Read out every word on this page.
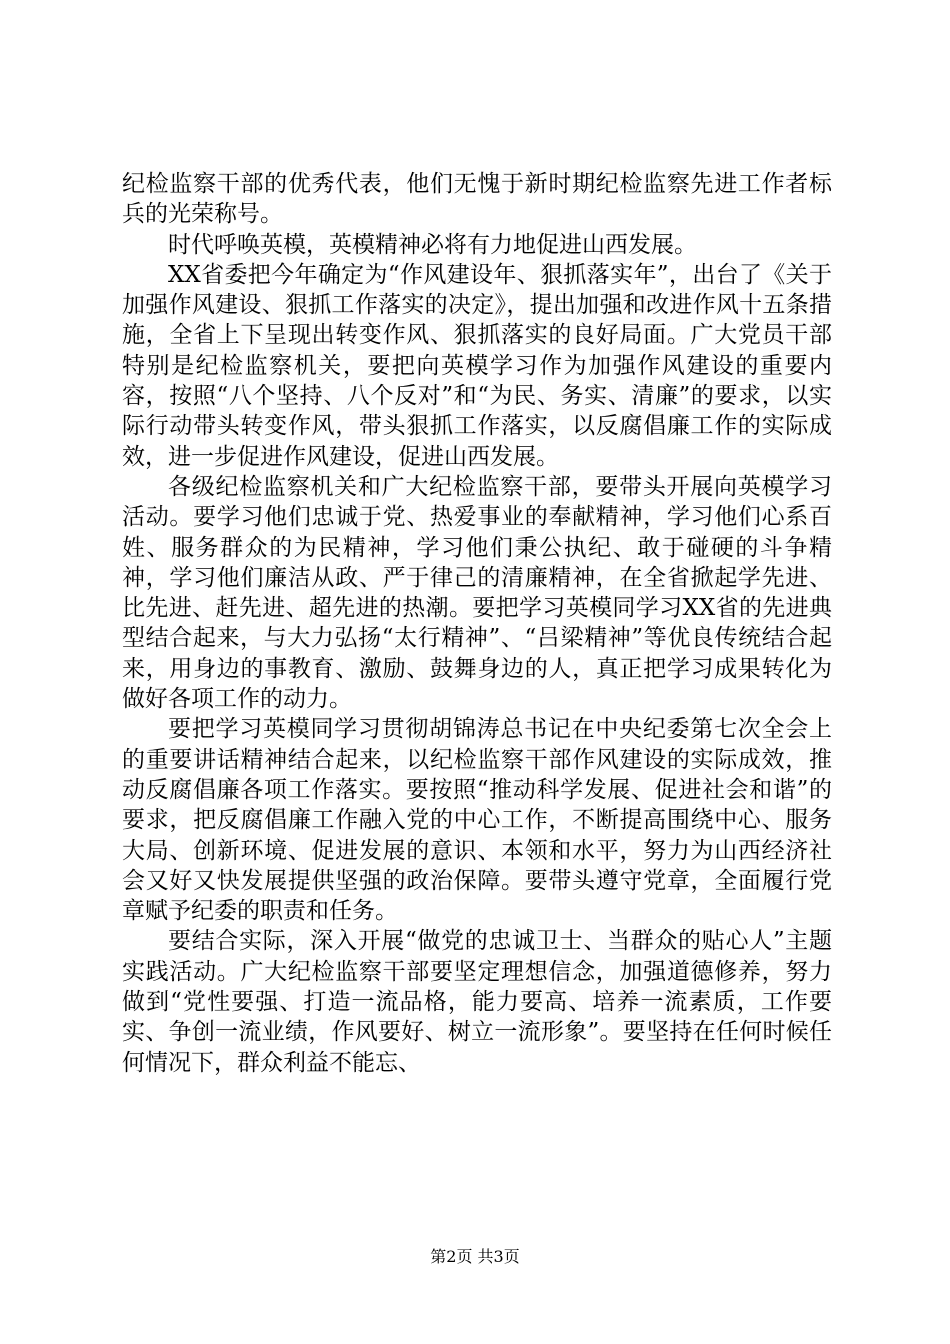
纪检监察干部的优秀代表，他们无愧于新时期纪检监察先进工作者标兵的光荣称号。

时代呼唤英模，英模精神必将有力地促进山西发展。

XX省委把今年确定为“作风建设年、狠抓落实年”，出台了《关于加强作风建设、狠抓工作落实的决定》，提出加强和改进作风十五条措施，全省上下呈现出转变作风、狠抓落实的良好局面。广大党员干部特别是纪检监察机关，要把向英模学习作为加强作风建设的重要内容，按照“八个坚持、八个反对”和“为民、务实、清廉”的要求，以实际行动带头转变作风，带头狠抓工作落实，以反腐倡廉工作的实际成效，进一步促进作风建设，促进山西发展。

各级纪检监察机关和广大纪检监察干部，要带头开展向英模学习活动。要学习他们忠诚于党、热爱事业的奉献精神，学习他们心系百姓、服务群众的为民精神，学习他们秉公执纪、敢于碰硬的斗争精神，学习他们廉洁从政、严于律己的清廉精神，在全省掀起学先进、比先进、赶先进、超先进的热潮。要把学习英模同学习XX省的先进典型结合起来，与大力弘扬“太行精神”、“吕梁精神”等优良传统结合起来，用身边的事教育、激励、鼓舞身边的人，真正把学习成果转化为做好各项工作的动力。

要把学习英模同学习贯彻胡锦涛总书记在中央纪委第七次全会上的重要讲话精神结合起来，以纪检监察干部作风建设的实际成效，推动反腐倡廉各项工作落实。要按照“推动科学发展、促进社会和谐”的要求，把反腐倡廉工作融入党的中心工作，不断提高围绕中心、服务大局、创新环境、促进发展的意识、本领和水平，努力为山西经济社会又好又快发展提供坚强的政治保障。要带头遵守党章，全面履行党章赋予纪委的职责和任务。

要结合实际，深入开展“做党的忠诚卫士、当群众的贴心人”主题实践活动。广大纪检监察干部要坚定理想信念，加强道德修养，努力做到“党性要强、打造一流品格，能力要高、培养一流素质，工作要实、争创一流业绩，作风要好、树立一流形象”。要坚持在任何时候任何情况下，群众利益不能忘、

第2页 共3页
